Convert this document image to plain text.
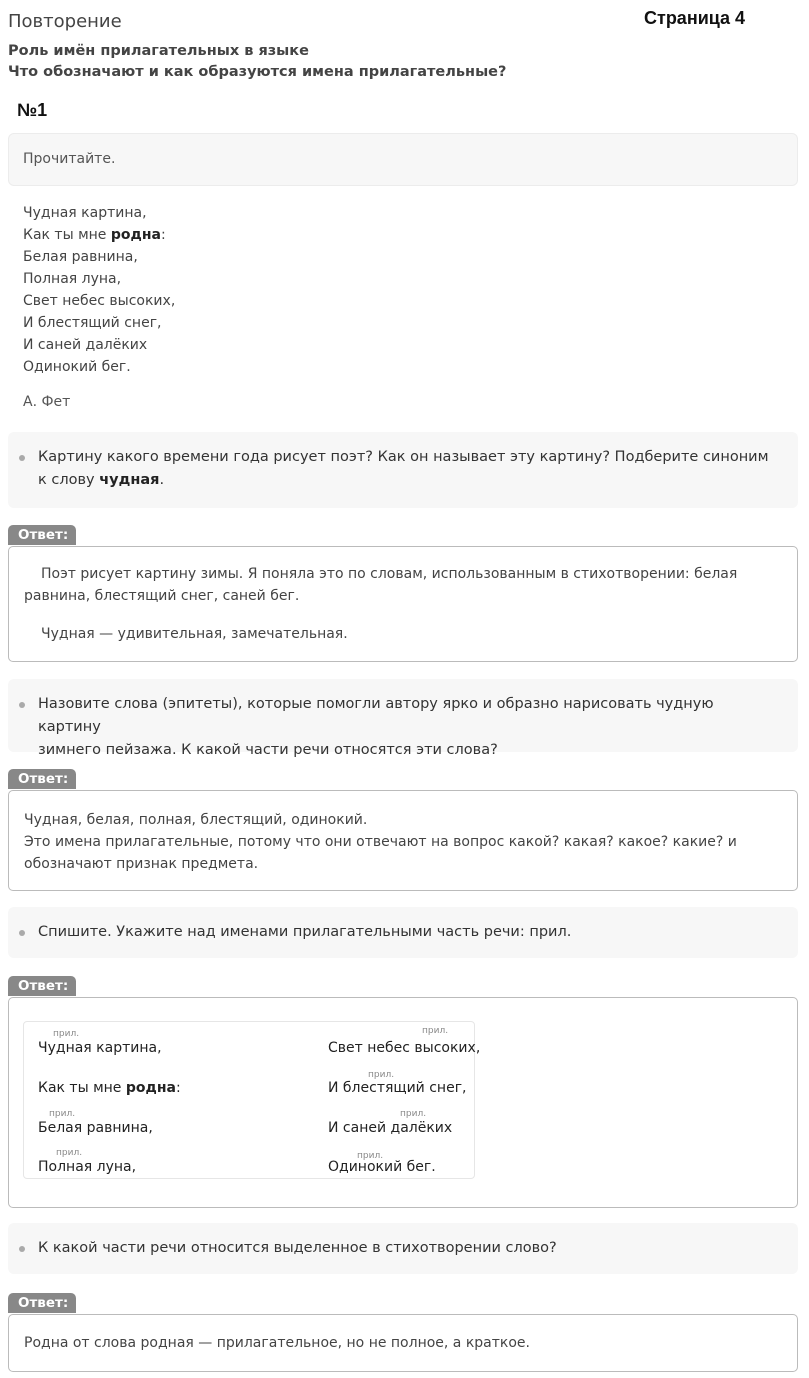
Повторение	Страница 4
Роль имён прилагательных в языке
Что обозначают и как образуются имена прилагательные?
№1
Прочитайте.
Чудная картина,
Как ты мне родна:
Белая равнина,
Полная луна,
Свет небес высоких,
И блестящий снег,
И саней далёких
Одинокий бег.
А. Фет
Картину какого времени года рисует поэт? Как он называет эту картину? Подберите синоним к слову чудная.
Ответ:
Поэт рисует картину зимы. Я поняла это по словам, использованным в стихотворении: белая
равнина, блестящий снег, саней бег.
Чудная — удивительная, замечательная.
Назовите слова (эпитеты), которые помогли автору ярко и образно нарисовать чудную картину
зимнего пейзажа. К какой части речи относятся эти слова?
Ответ:
Чудная, белая, полная, блестящий, одинокий.
Это имена прилагательные, потому что они отвечают на вопрос какой? какая? какое? какие? и
обозначают признак предмета.
Спишите. Укажите над именами прилагательными часть речи: прил.
Ответ:
прил.
Чудная картина,
Как ты мне родна:
прил.
Белая равнина,
прил.
Полная луна,
прил.
Свет небес высоких,
прил.
И блестящий снег,
прил.
И саней далёких
прил.
Одинокий бег.
К какой части речи относится выделенное в стихотворении слово?
Ответ:
Родна от слова родная — прилагательное, но не полное, а краткое.
